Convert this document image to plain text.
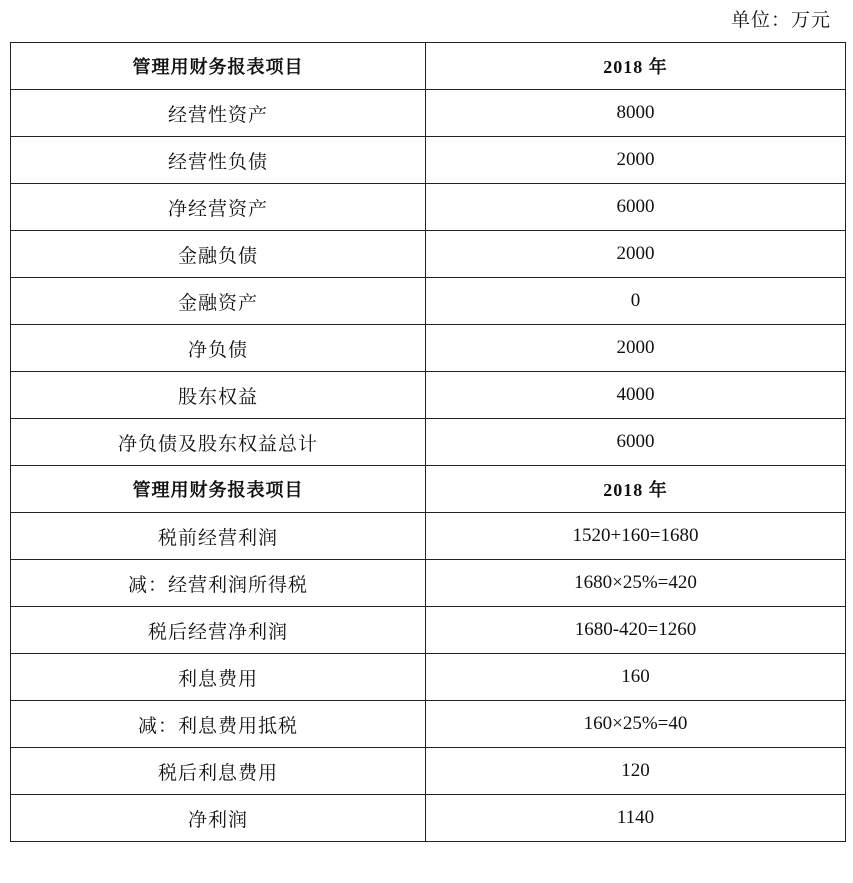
单位：万元
管理用财务报表项目	2018 年
经营性资产	8000
经营性负债	2000
净经营资产	6000
金融负债	2000
金融资产	0
净负债	2000
股东权益	4000
净负债及股东权益总计	6000
管理用财务报表项目	2018 年
税前经营利润	1520+160=1680
减：经营利润所得税	1680×25%=420
税后经营净利润	1680-420=1260
利息费用	160
减：利息费用抵税	160×25%=40
税后利息费用	120
净利润	1140
